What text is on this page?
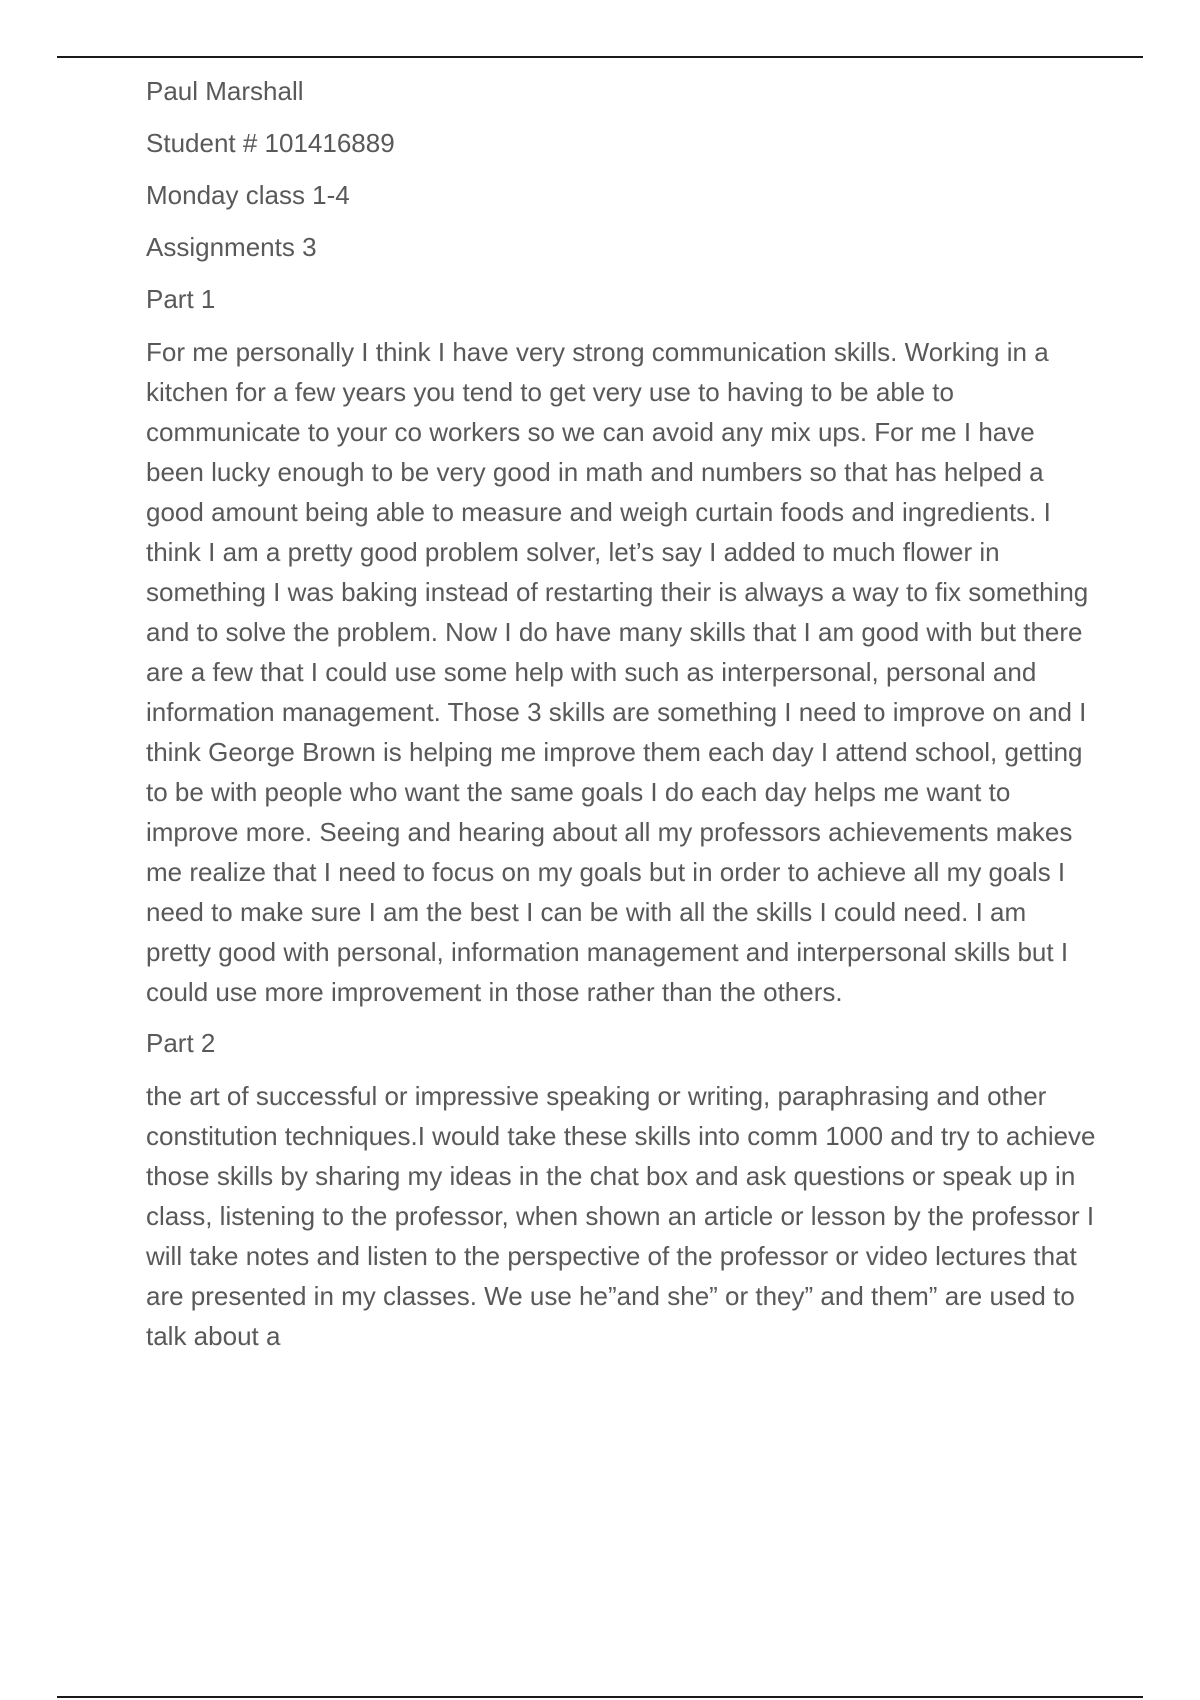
Paul Marshall

Student # 101416889

Monday class 1-4

Assignments 3

Part 1

For me personally I think I have very strong communication skills. Working in a kitchen for a few years you tend to get very use to having to be able to communicate to your co workers so we can avoid any mix ups. For me I have been lucky enough to be very good in math and numbers so that has helped a good amount being able to measure and weigh curtain foods and ingredients. I think I am a pretty good problem solver, let’s say I added to much flower in something I was baking instead of restarting their is always a way to fix something and to solve the problem. Now I do have many skills that I am good with but there are a few that I could use some help with such as interpersonal, personal and information management. Those 3 skills are something I need to improve on and I think George Brown is helping me improve them each day I attend school, getting to be with people who want the same goals I do each day helps me want to improve more. Seeing and hearing about all my professors achievements makes me realize that I need to focus on my goals but in order to achieve all my goals I need to make sure I am the best I can be with all the skills I could need. I am pretty good with personal, information management and interpersonal skills but I could use more improvement in those rather than the others.

Part 2

the art of successful or impressive speaking or writing, paraphrasing and other constitution techniques.I would take these skills into comm 1000 and try to achieve those skills by sharing my ideas in the chat box and ask questions or speak up in class, listening to the professor, when shown an article or lesson by the professor I will take notes and listen to the perspective of the professor or video lectures that are presented in my classes. We use he”and she” or they” and them” are used to talk about a
